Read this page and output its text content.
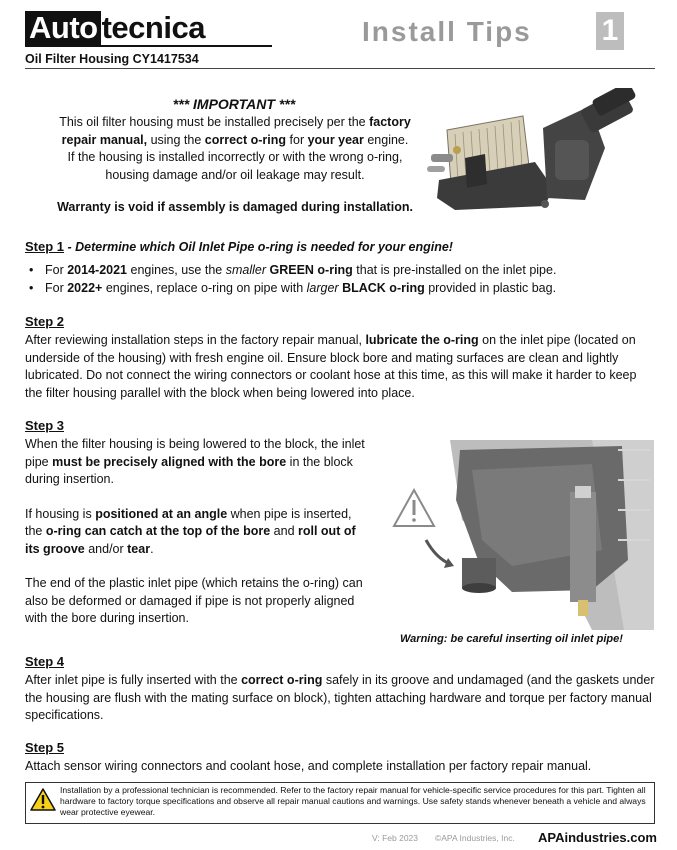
Auto tecnica
Oil Filter Housing CY1417534
Install Tips 1
*** IMPORTANT ***
This oil filter housing must be installed precisely per the factory
repair manual, using the correct o-ring for your year engine.
If the housing is installed incorrectly or with the wrong o-ring,
housing damage and/or oil leakage may result.
Warranty is void if assembly is damaged during installation.
Step 1 - Determine which Oil Inlet Pipe o-ring is needed for your engine!
• For 2014-2021 engines, use the smaller GREEN o-ring that is pre-installed on the inlet pipe.
• For 2022+ engines, replace o-ring on pipe with larger BLACK o-ring provided in plastic bag.
Step 2
After reviewing installation steps in the factory repair manual, lubricate the o-ring on the inlet pipe (located on underside of the housing) with fresh engine oil. Ensure block bore and mating surfaces are clean and lightly lubricated. Do not connect the wiring connectors or coolant hose at this time, as this will make it harder to keep the filter housing parallel with the block when being lowered into place.
Step 3
When the filter housing is being lowered to the block, the inlet pipe must be precisely aligned with the bore in the block during insertion.
If housing is positioned at an angle when pipe is inserted, the o-ring can catch at the top of the bore and roll out of its groove and/or tear.
The end of the plastic inlet pipe (which retains the o-ring) can also be deformed or damaged if pipe is not properly aligned with the bore during insertion.
Warning: be careful inserting oil inlet pipe!
Step 4
After inlet pipe is fully inserted with the correct o-ring safely in its groove and undamaged (and the gaskets under the housing are flush with the mating surface on block), tighten attaching hardware and torque per factory manual specifications.
Step 5
Attach sensor wiring connectors and coolant hose, and complete installation per factory repair manual.
Installation by a professional technician is recommended. Refer to the factory repair manual for vehicle-specific service procedures for this part. Tighten all hardware to factory torque specifications and observe all repair manual cautions and warnings. Use safety stands whenever beneath a vehicle and always wear protective eyewear.
V: Feb 2023 ©APA Industries, Inc. APAindustries.com
